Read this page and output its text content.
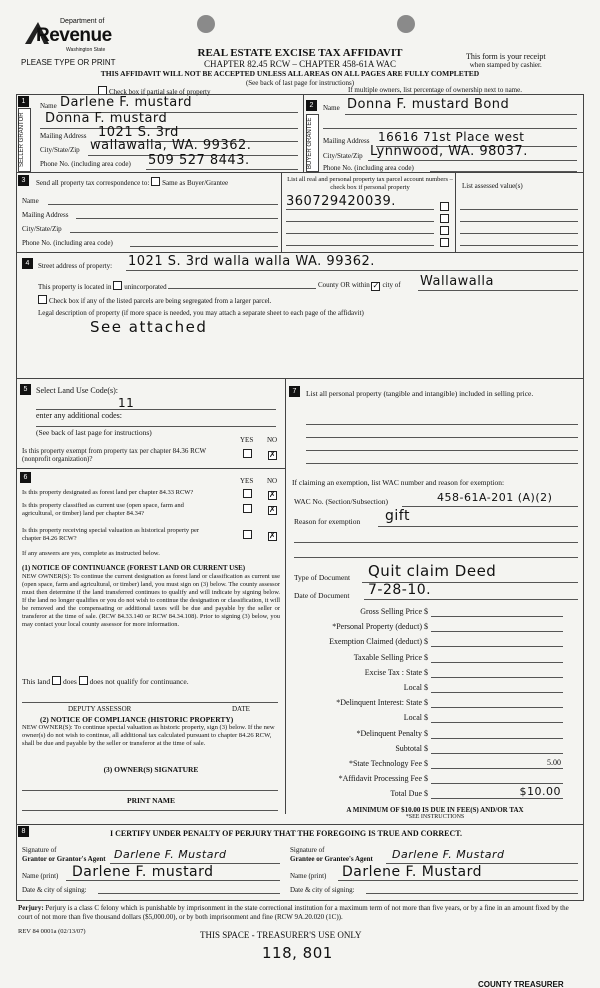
Department of
Revenue
Washington State
PLEASE TYPE OR PRINT
Check box if partial sale of property	If multiple owners, list percentage of ownership next to name.
REAL ESTATE EXCISE TAX AFFIDAVIT
CHAPTER 82.45 RCW – CHAPTER 458-61A WAC
THIS AFFIDAVIT WILL NOT BE ACCEPTED UNLESS ALL AREAS ON ALL PAGES ARE FULLY COMPLETED
(See back of last page for instructions)
This form is your receipt
when stamped by cashier.
1
SELLER GRANTOR
Name Darlene F. mustard
Donna F. mustard
Mailing Address 1021 S. 3rd
City/State/Zip wallawalla, WA. 99362.
Phone No. (including area code) 509 527 8443.
2
BUYER GRANTEE
Name Donna F. mustard Bond
Mailing Address 16616 71st Place west
City/State/Zip Lynnwood, WA. 98037.
Phone No. (including area code)
3	Send all property tax correspondence to: Same as Buyer/Grantee
Name
Mailing Address
City/State/Zip
Phone No. (including area code)
List all real and personal property tax parcel account numbers – check box if personal property
360729420039.
List assessed value(s)
4	Street address of property: 1021 S. 3rd walla walla WA. 99362.
This property is located in unincorporated	County OR within ✓ city of Wallawalla
Check box if any of the listed parcels are being segregated from a larger parcel.
Legal description of property (if more space is needed, you may attach a separate sheet to each page of the affidavit)
See attached
5	Select Land Use Code(s):
11
enter any additional codes:
(See back of last page for instructions)
YES NO
Is this property exempt from property tax per chapter 84.36 RCW (nonprofit organization)?	✗
6	YES NO
Is this property designated as forest land per chapter 84.33 RCW?	✗
Is this property classified as current use (open space, farm and agricultural, or timber) land per chapter 84.34?	✗
Is this property receiving special valuation as historical property per chapter 84.26 RCW?	✗
If any answers are yes, complete as instructed below.
(1) NOTICE OF CONTINUANCE (FOREST LAND OR CURRENT USE)
NEW OWNER(S): To continue the current designation as forest land or classification as current use (open space, farm and agricultural, or timber) land, you must sign on (3) below. The county assessor must then determine if the land transferred continues to qualify and will indicate by signing below. If the land no longer qualifies or you do not wish to continue the designation or classification, it will be removed and the compensating or additional taxes will be due and payable by the seller or transferor at the time of sale. (RCW 84.33.140 or RCW 84.34.108). Prior to signing (3) below, you may contact your local county assessor for more information.
This land does does not qualify for continuance.
DEPUTY ASSESSOR	DATE
(2) NOTICE OF COMPLIANCE (HISTORIC PROPERTY)
NEW OWNER(S): To continue special valuation as historic property, sign (3) below. If the new owner(s) do not wish to continue, all additional tax calculated pursuant to chapter 84.26 RCW, shall be due and payable by the seller or transferor at the time of sale.
(3) OWNER(S) SIGNATURE
PRINT NAME
7	List all personal property (tangible and intangible) included in selling price.
If claiming an exemption, list WAC number and reason for exemption:
WAC No. (Section/Subsection)	458-61A-201 (A)(2)
Reason for exemption gift
Type of Document Quit claim Deed
Date of Document 7-28-10.
Gross Selling Price $
*Personal Property (deduct) $
Exemption Claimed (deduct) $
Taxable Selling Price $
Excise Tax : State $
Local $
*Delinquent Interest: State $
Local $
*Delinquent Penalty $
Subtotal $
*State Technology Fee $	5.00
*Affidavit Processing Fee $
Total Due $	$10.00
A MINIMUM OF $10.00 IS DUE IN FEE(S) AND/OR TAX
*SEE INSTRUCTIONS
8	I CERTIFY UNDER PENALTY OF PERJURY THAT THE FOREGOING IS TRUE AND CORRECT.
Signature of
Grantor or Grantor's Agent Darlene F. Mustard
Name (print) Darlene F. mustard
Date & city of signing:
Signature of
Grantee or Grantee's Agent Darlene F. Mustard
Name (print) Darlene F. Mustard
Date & city of signing:
Perjury: Perjury is a class C felony which is punishable by imprisonment in the state correctional institution for a maximum term of not more than five years, or by a fine in an amount fixed by the court of not more than five thousand dollars ($5,000.00), or by both imprisonment and fine (RCW 9A.20.020 (1C)).
REV 84 0001a (02/13/07)	THIS SPACE - TREASURER'S USE ONLY
118, 801
COUNTY TREASURER
